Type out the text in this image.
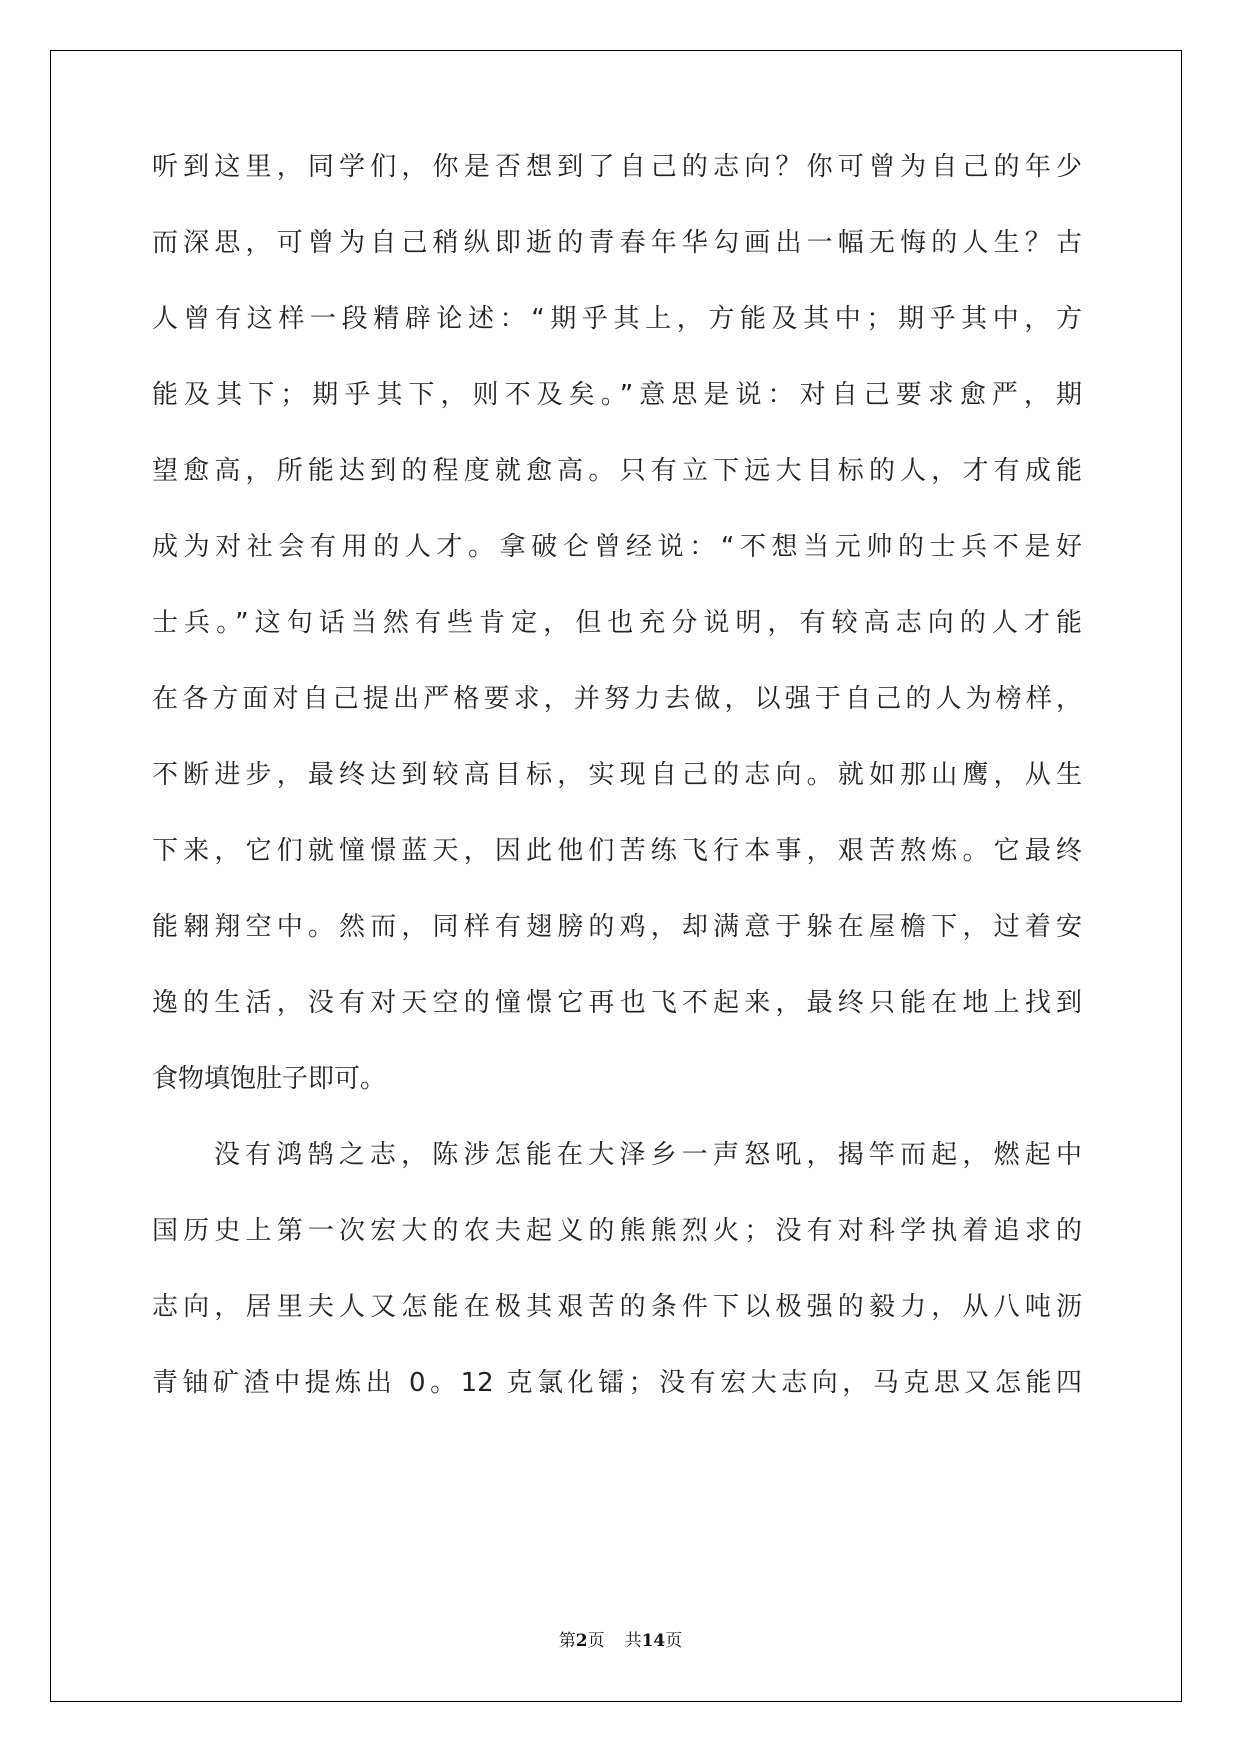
听到这里，同学们，你是否想到了自己的志向？你可曾为自己的年少
而深思，可曾为自己稍纵即逝的青春年华勾画出一幅无悔的人生？古
人曾有这样一段精辟论述：“期乎其上，方能及其中；期乎其中，方
能及其下；期乎其下，则不及矣。”意思是说：对自己要求愈严，期
望愈高，所能达到的程度就愈高。只有立下远大目标的人，才有成能
成为对社会有用的人才。拿破仑曾经说：“不想当元帅的士兵不是好
士兵。”这句话当然有些肯定，但也充分说明，有较高志向的人才能
在各方面对自己提出严格要求，并努力去做，以强于自己的人为榜样，
不断进步，最终达到较高目标，实现自己的志向。就如那山鹰，从生
下来，它们就憧憬蓝天，因此他们苦练飞行本事，艰苦熬炼。它最终
能翱翔空中。然而，同样有翅膀的鸡，却满意于躲在屋檐下，过着安
逸的生活，没有对天空的憧憬它再也飞不起来，最终只能在地上找到
食物填饱肚子即可。
没有鸿鹄之志，陈涉怎能在大泽乡一声怒吼，揭竿而起，燃起中
国历史上第一次宏大的农夫起义的熊熊烈火；没有对科学执着追求的
志向，居里夫人又怎能在极其艰苦的条件下以极强的毅力，从八吨沥
青铀矿渣中提炼出 0。12 克氯化镭；没有宏大志向，马克思又怎能四
第2页 共14页
